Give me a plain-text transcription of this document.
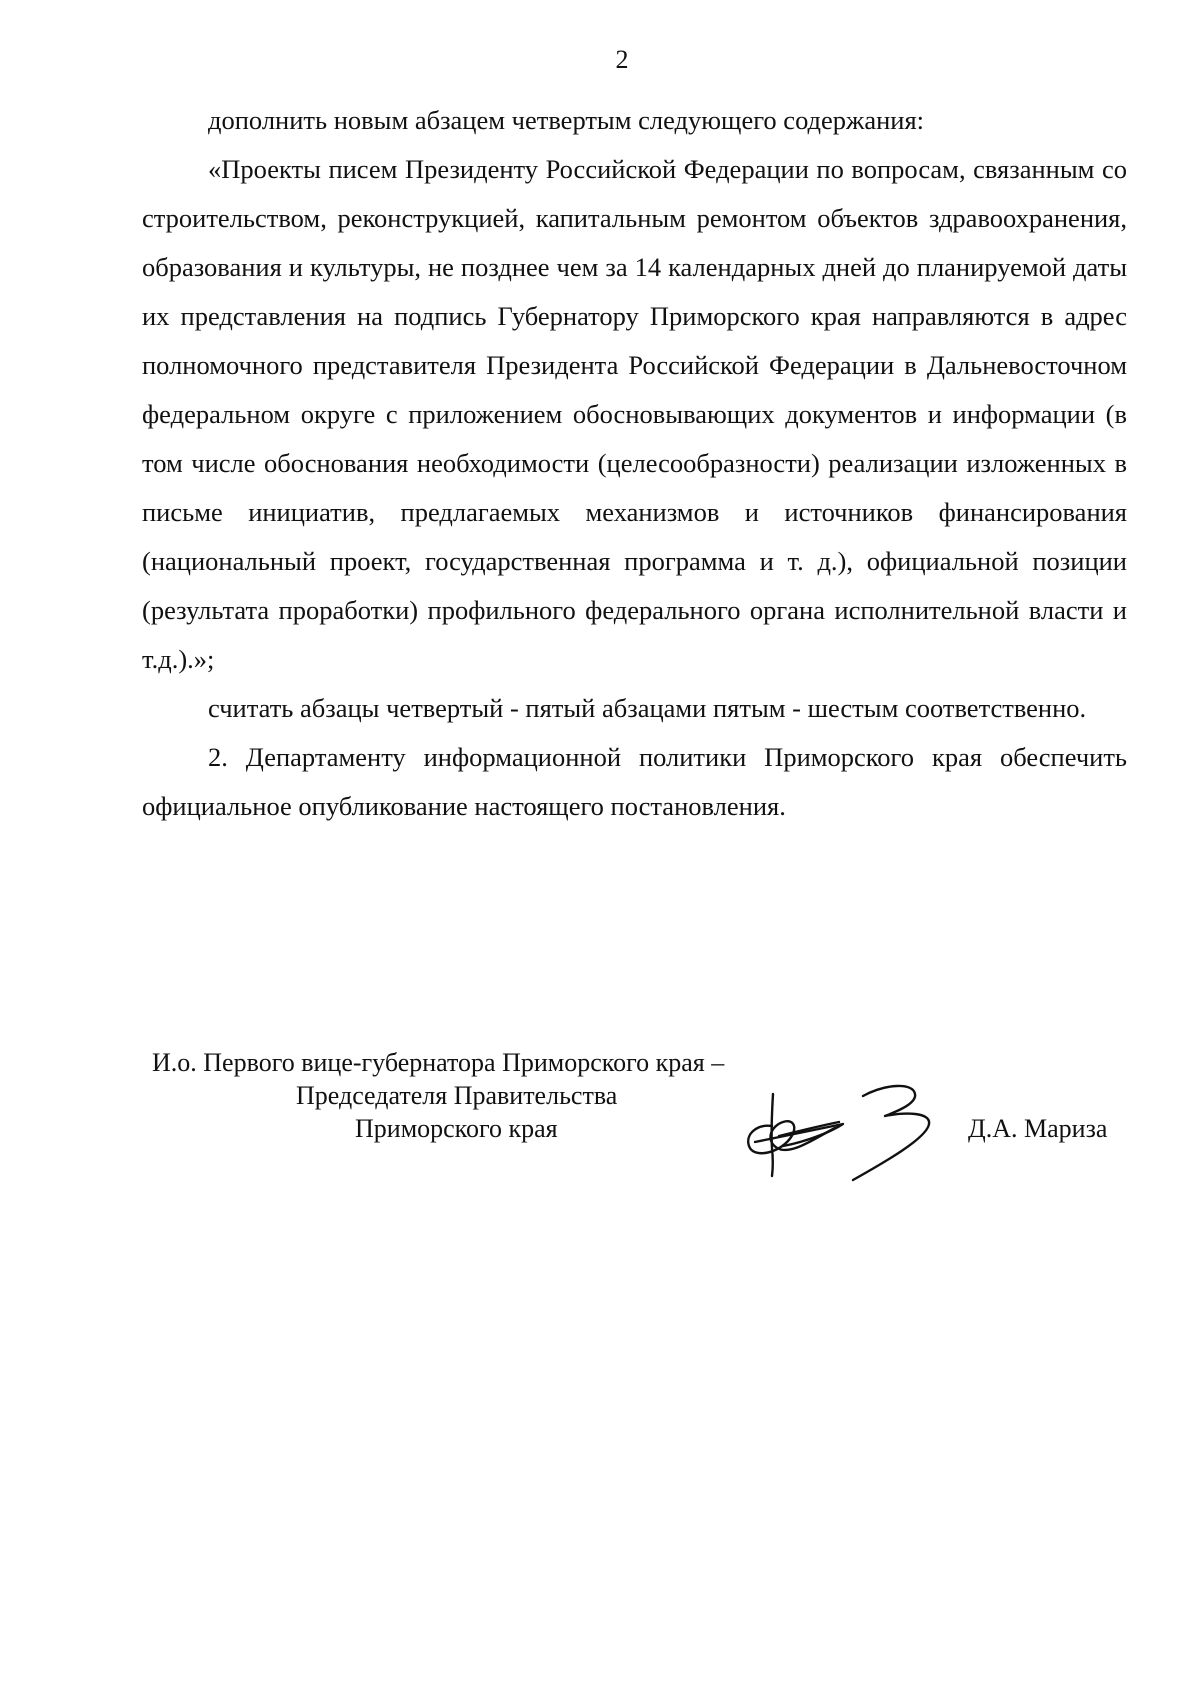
2

дополнить новым абзацем четвертым следующего содержания:

«Проекты писем Президенту Российской Федерации по вопросам, связанным со строительством, реконструкцией, капитальным ремонтом объектов здравоохранения, образования и культуры, не позднее чем за 14 календарных дней до планируемой даты их представления на подпись Губернатору Приморского края направляются в адрес полномочного представителя Президента Российской Федерации в Дальневосточном федеральном округе с приложением обосновывающих документов и информации (в том числе обоснования необходимости (целесообразности) реализации изложенных в письме инициатив, предлагаемых механизмов и источников финансирования (национальный проект, государственная программа и т. д.), официальной позиции (результата проработки) профильного федерального органа исполнительной власти и т.д.).»;

считать абзацы четвертый - пятый абзацами пятым - шестым соответственно.

2. Департаменту информационной политики Приморского края обеспечить официальное опубликование настоящего постановления.

И.о. Первого вице-губернатора Приморского края –

Председателя Правительства

Приморского края	Д.А. Мариза
